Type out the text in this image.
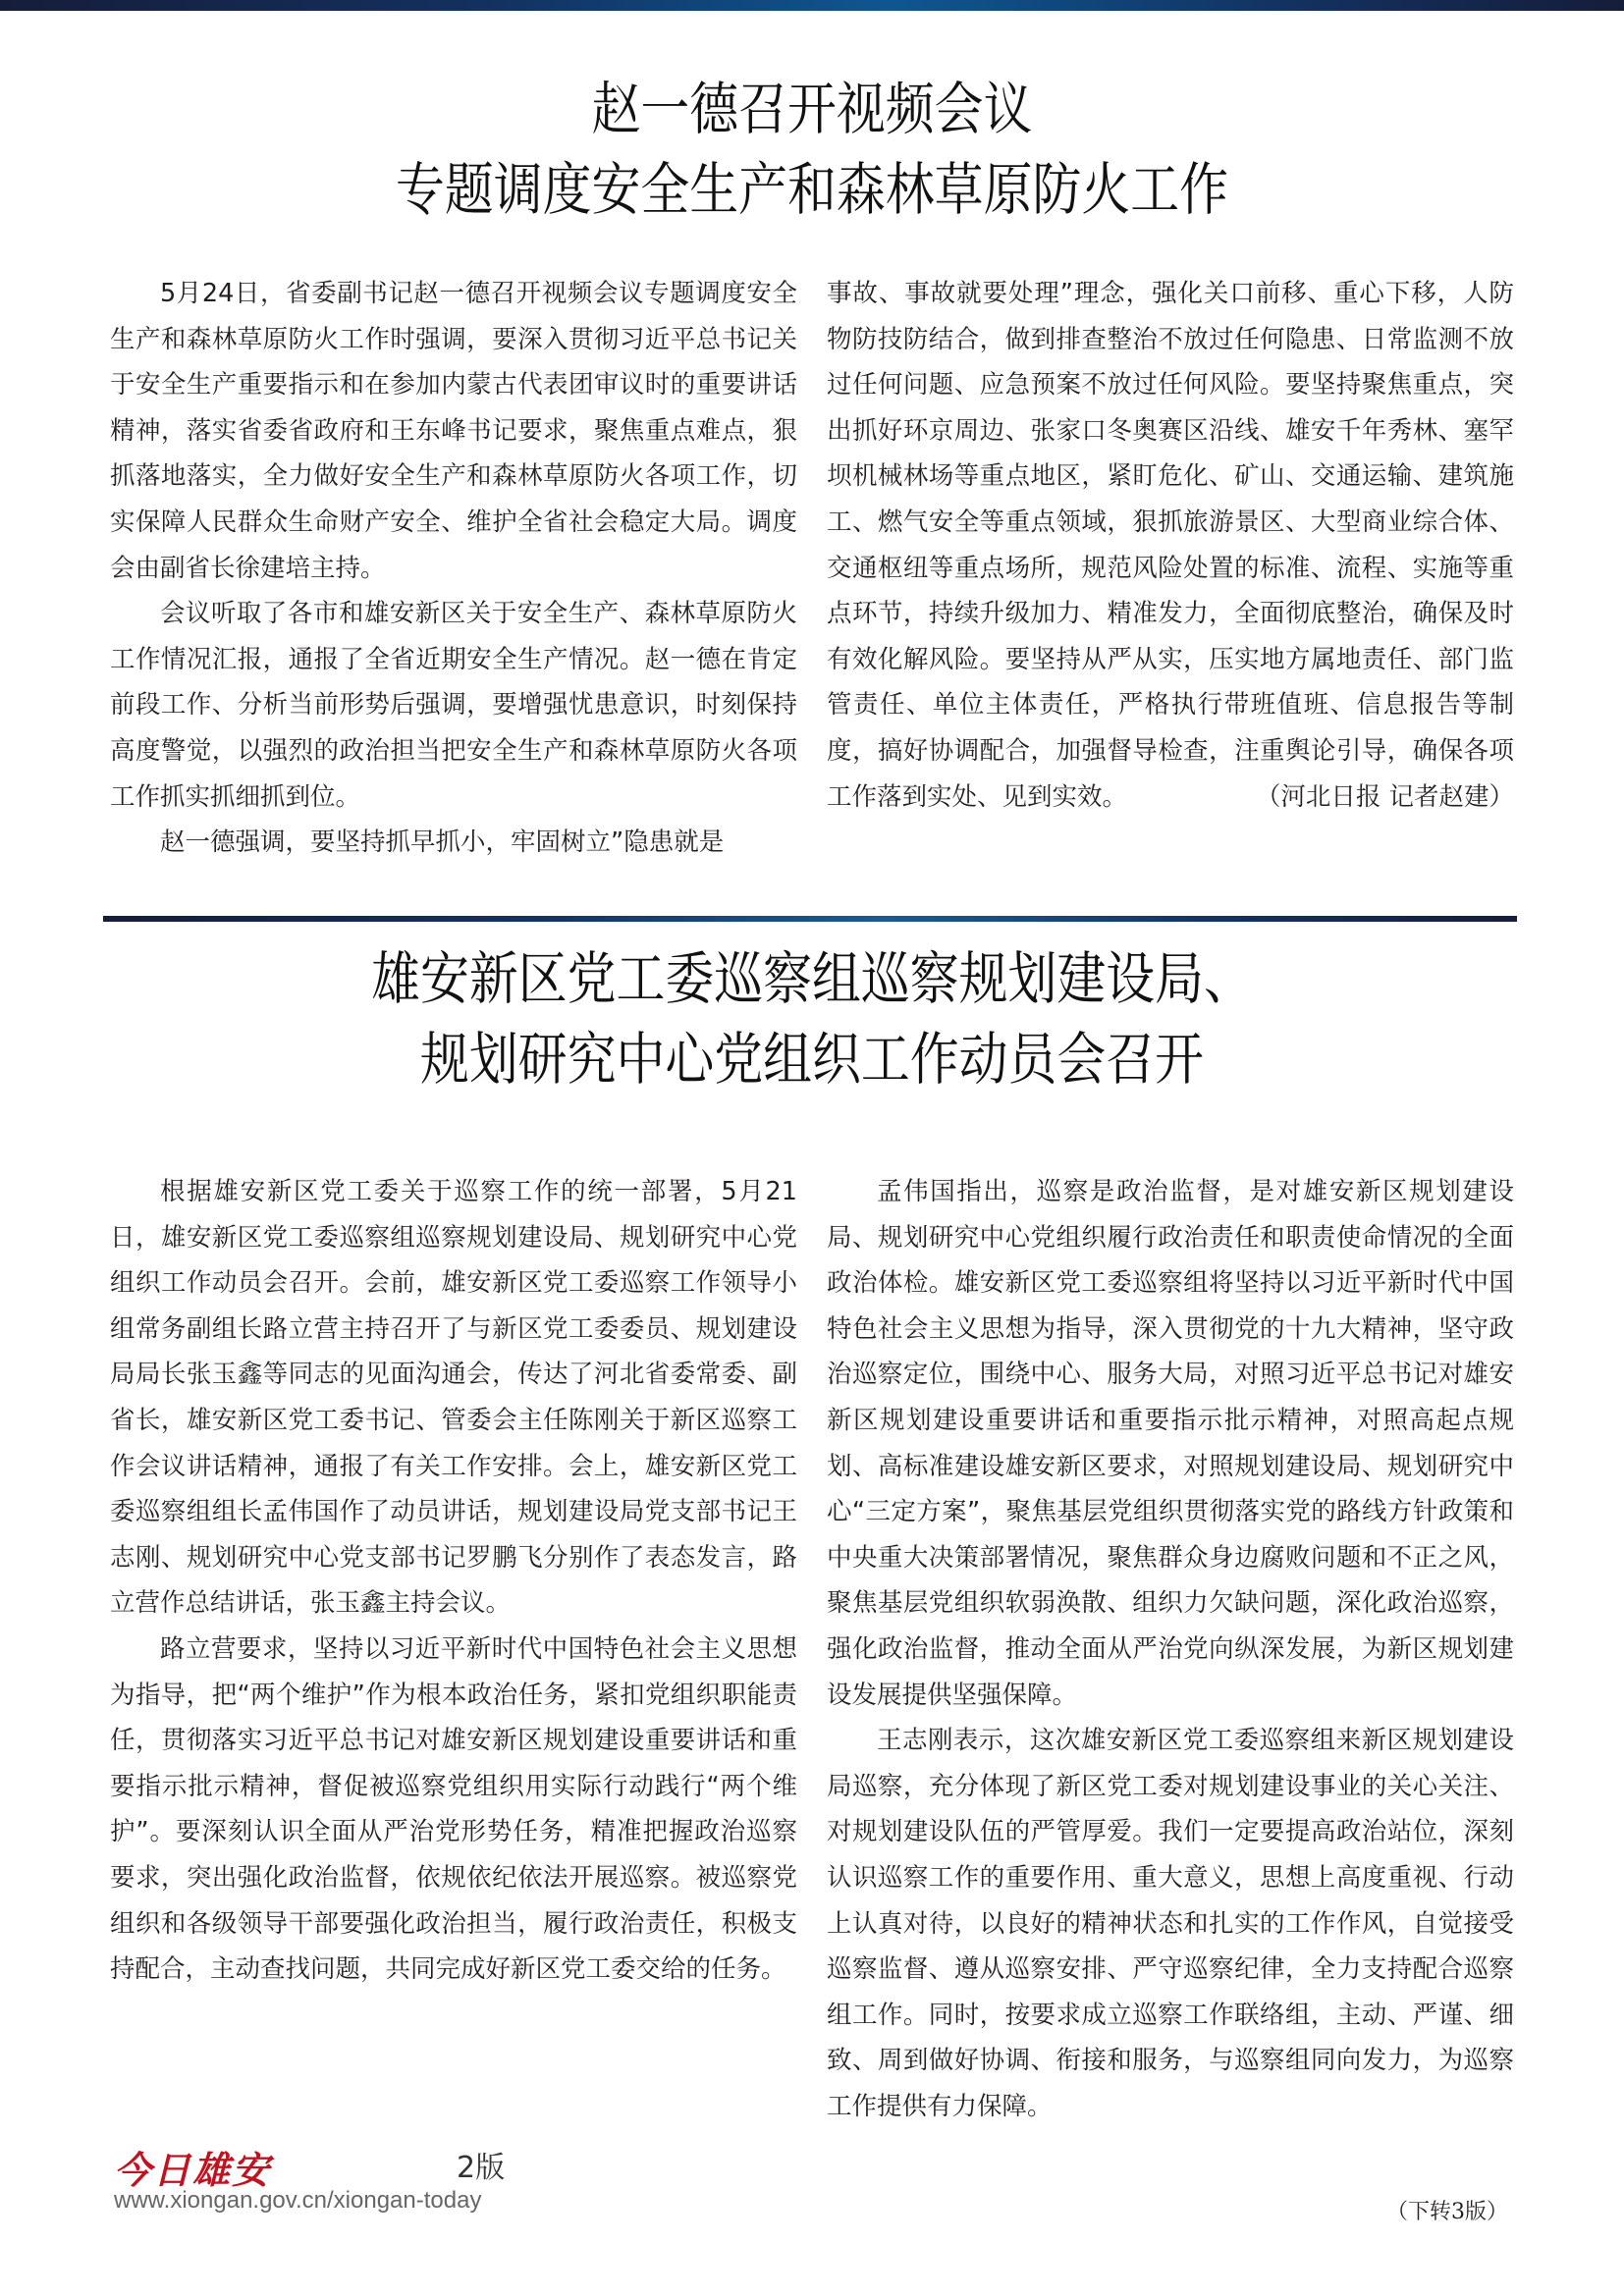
赵一德召开视频会议
专题调度安全生产和森林草原防火工作

5月24日，省委副书记赵一德召开视频会议专题调度安全生产和森林草原防火工作时强调，要深入贯彻习近平总书记关于安全生产重要指示和在参加内蒙古代表团审议时的重要讲话精神，落实省委省政府和王东峰书记要求，聚焦重点难点，狠抓落地落实，全力做好安全生产和森林草原防火各项工作，切实保障人民群众生命财产安全、维护全省社会稳定大局。调度会由副省长徐建培主持。

会议听取了各市和雄安新区关于安全生产、森林草原防火工作情况汇报，通报了全省近期安全生产情况。赵一德在肯定前段工作、分析当前形势后强调，要增强忧患意识，时刻保持高度警觉，以强烈的政治担当把安全生产和森林草原防火各项工作抓实抓细抓到位。

赵一德强调，要坚持抓早抓小，牢固树立”隐患就是

事故、事故就要处理”理念，强化关口前移、重心下移，人防物防技防结合，做到排查整治不放过任何隐患、日常监测不放过任何问题、应急预案不放过任何风险。要坚持聚焦重点，突出抓好环京周边、张家口冬奥赛区沿线、雄安千年秀林、塞罕坝机械林场等重点地区，紧盯危化、矿山、交通运输、建筑施工、燃气安全等重点领域，狠抓旅游景区、大型商业综合体、交通枢纽等重点场所，规范风险处置的标准、流程、实施等重点环节，持续升级加力、精准发力，全面彻底整治，确保及时有效化解风险。要坚持从严从实，压实地方属地责任、部门监管责任、单位主体责任，严格执行带班值班、信息报告等制度，搞好协调配合，加强督导检查，注重舆论引导，确保各项工作落到实处、见到实效。	（河北日报 记者赵建）

雄安新区党工委巡察组巡察规划建设局、
规划研究中心党组织工作动员会召开

根据雄安新区党工委关于巡察工作的统一部署，5月21日，雄安新区党工委巡察组巡察规划建设局、规划研究中心党组织工作动员会召开。会前，雄安新区党工委巡察工作领导小组常务副组长路立营主持召开了与新区党工委委员、规划建设局局长张玉鑫等同志的见面沟通会，传达了河北省委常委、副省长，雄安新区党工委书记、管委会主任陈刚关于新区巡察工作会议讲话精神，通报了有关工作安排。会上，雄安新区党工委巡察组组长孟伟国作了动员讲话，规划建设局党支部书记王志刚、规划研究中心党支部书记罗鹏飞分别作了表态发言，路立营作总结讲话，张玉鑫主持会议。

路立营要求，坚持以习近平新时代中国特色社会主义思想为指导，把“两个维护”作为根本政治任务，紧扣党组织职能责任，贯彻落实习近平总书记对雄安新区规划建设重要讲话和重要指示批示精神，督促被巡察党组织用实际行动践行“两个维护”。要深刻认识全面从严治党形势任务，精准把握政治巡察要求，突出强化政治监督，依规依纪依法开展巡察。被巡察党组织和各级领导干部要强化政治担当，履行政治责任，积极支持配合，主动查找问题，共同完成好新区党工委交给的任务。

孟伟国指出，巡察是政治监督，是对雄安新区规划建设局、规划研究中心党组织履行政治责任和职责使命情况的全面政治体检。雄安新区党工委巡察组将坚持以习近平新时代中国特色社会主义思想为指导，深入贯彻党的十九大精神，坚守政治巡察定位，围绕中心、服务大局，对照习近平总书记对雄安新区规划建设重要讲话和重要指示批示精神，对照高起点规划、高标准建设雄安新区要求，对照规划建设局、规划研究中心“三定方案”，聚焦基层党组织贯彻落实党的路线方针政策和中央重大决策部署情况，聚焦群众身边腐败问题和不正之风，聚焦基层党组织软弱涣散、组织力欠缺问题，深化政治巡察，强化政治监督，推动全面从严治党向纵深发展，为新区规划建设发展提供坚强保障。

王志刚表示，这次雄安新区党工委巡察组来新区规划建设局巡察，充分体现了新区党工委对规划建设事业的关心关注、对规划建设队伍的严管厚爱。我们一定要提高政治站位，深刻认识巡察工作的重要作用、重大意义，思想上高度重视、行动上认真对待，以良好的精神状态和扎实的工作作风，自觉接受巡察监督、遵从巡察安排、严守巡察纪律，全力支持配合巡察组工作。同时，按要求成立巡察工作联络组，主动、严谨、细致、周到做好协调、衔接和服务，与巡察组同向发力，为巡察工作提供有力保障。

（下转3版）
今日雄安	2版
www.xiongan.gov.cn/xiongan-today
